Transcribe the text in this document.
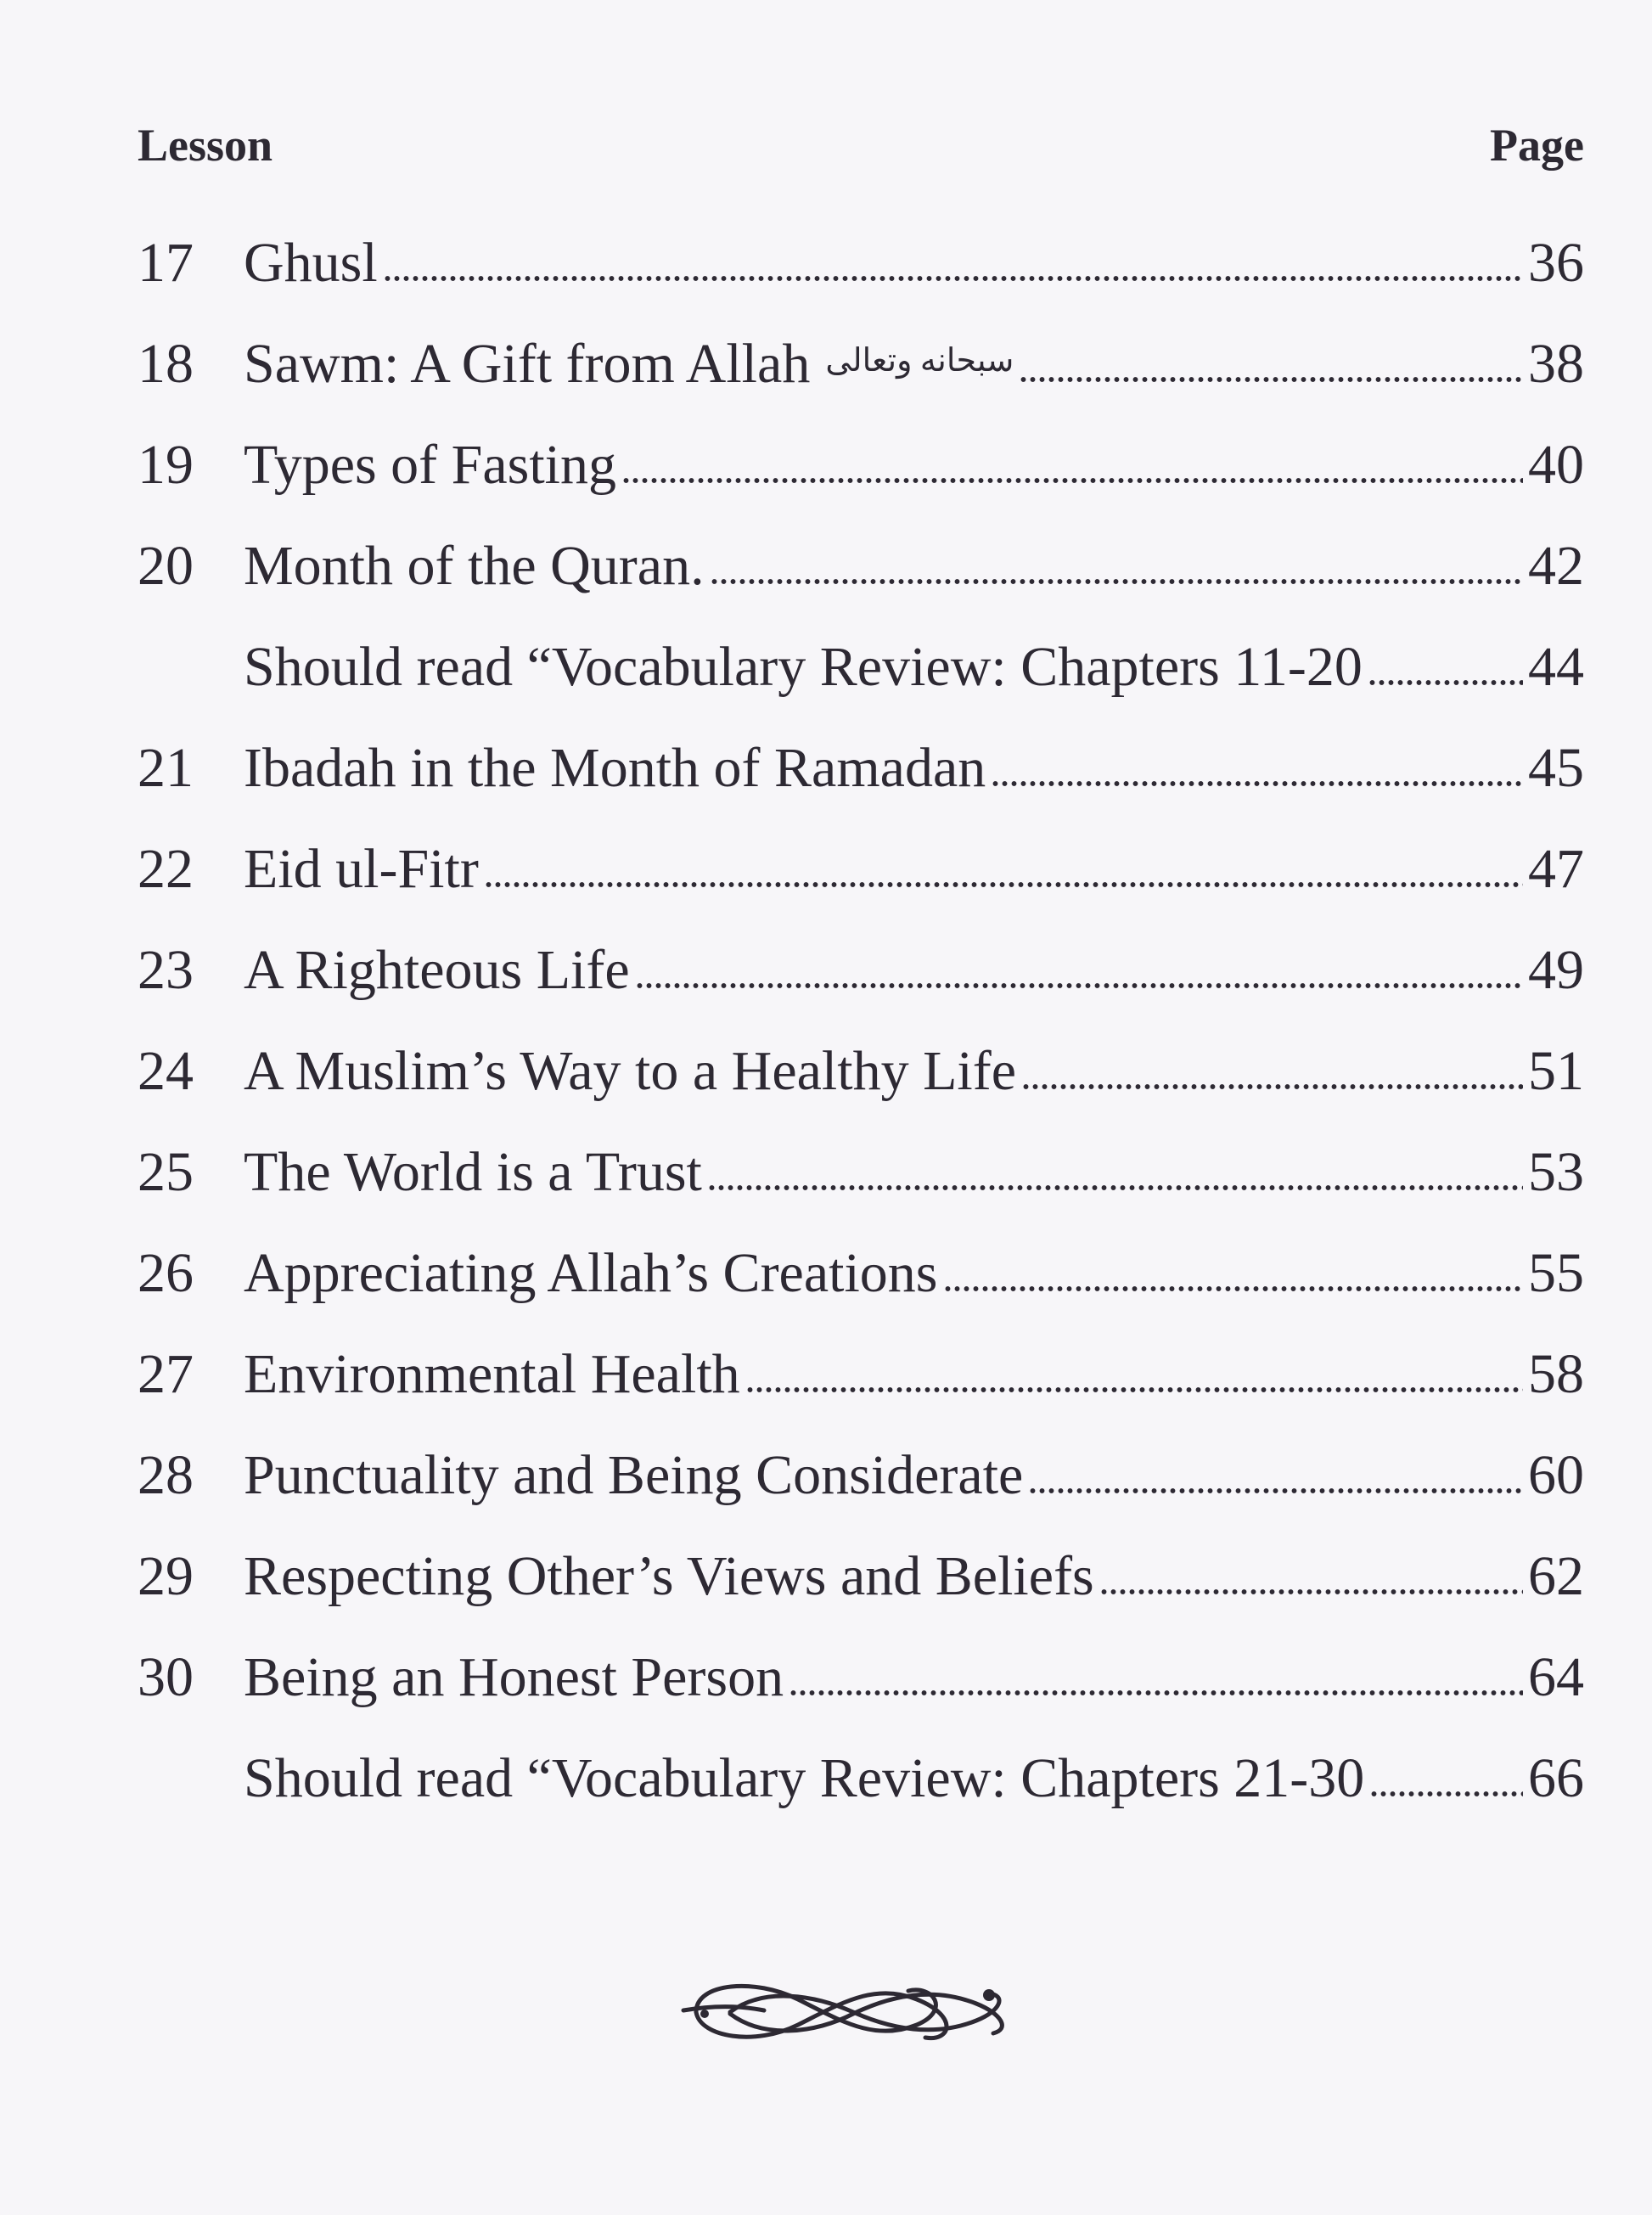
Lesson	Page
17 Ghusl	36
18 Sawm: A Gift from Allah سبحانه وتعالى	38
19 Types of Fasting	40
20 Month of the Quran.	42
Should read “Vocabulary Review: Chapters 11-20	44
21 Ibadah in the Month of Ramadan	45
22 Eid ul-Fitr	47
23 A Righteous Life	49
24 A Muslim’s Way to a Healthy Life	51
25 The World is a Trust	53
26 Appreciating Allah’s Creations	55
27 Environmental Health	58
28 Punctuality and Being Considerate	60
29 Respecting Other’s Views and Beliefs	62
30 Being an Honest Person	64
Should read “Vocabulary Review: Chapters 21-30	66
